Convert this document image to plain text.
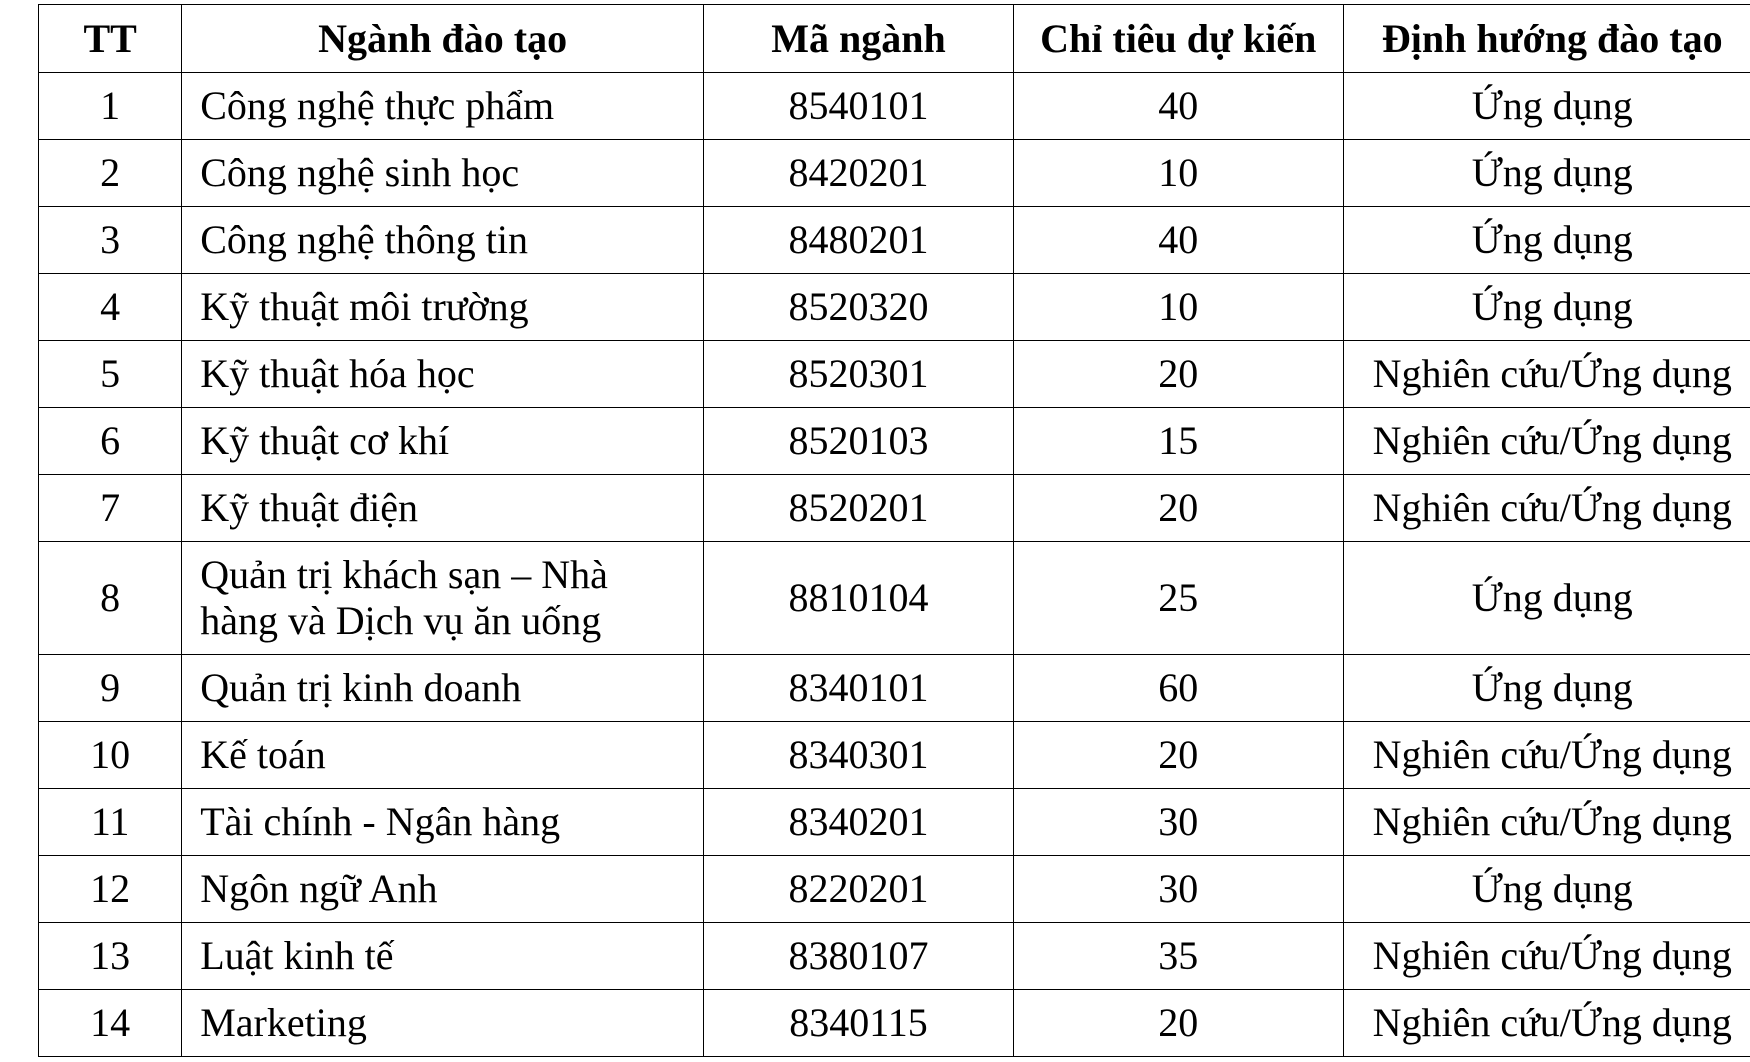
TT	Ngành đào tạo	Mã ngành	Chỉ tiêu dự kiến	Định hướng đào tạo
1	Công nghệ thực phẩm	8540101	40	Ứng dụng
2	Công nghệ sinh học	8420201	10	Ứng dụng
3	Công nghệ thông tin	8480201	40	Ứng dụng
4	Kỹ thuật môi trường	8520320	10	Ứng dụng
5	Kỹ thuật hóa học	8520301	20	Nghiên cứu/Ứng dụng
6	Kỹ thuật cơ khí	8520103	15	Nghiên cứu/Ứng dụng
7	Kỹ thuật điện	8520201	20	Nghiên cứu/Ứng dụng
8	Quản trị khách sạn – Nhà hàng và Dịch vụ ăn uống	8810104	25	Ứng dụng
9	Quản trị kinh doanh	8340101	60	Ứng dụng
10	Kế toán	8340301	20	Nghiên cứu/Ứng dụng
11	Tài chính - Ngân hàng	8340201	30	Nghiên cứu/Ứng dụng
12	Ngôn ngữ Anh	8220201	30	Ứng dụng
13	Luật kinh tế	8380107	35	Nghiên cứu/Ứng dụng
14	Marketing	8340115	20	Nghiên cứu/Ứng dụng
